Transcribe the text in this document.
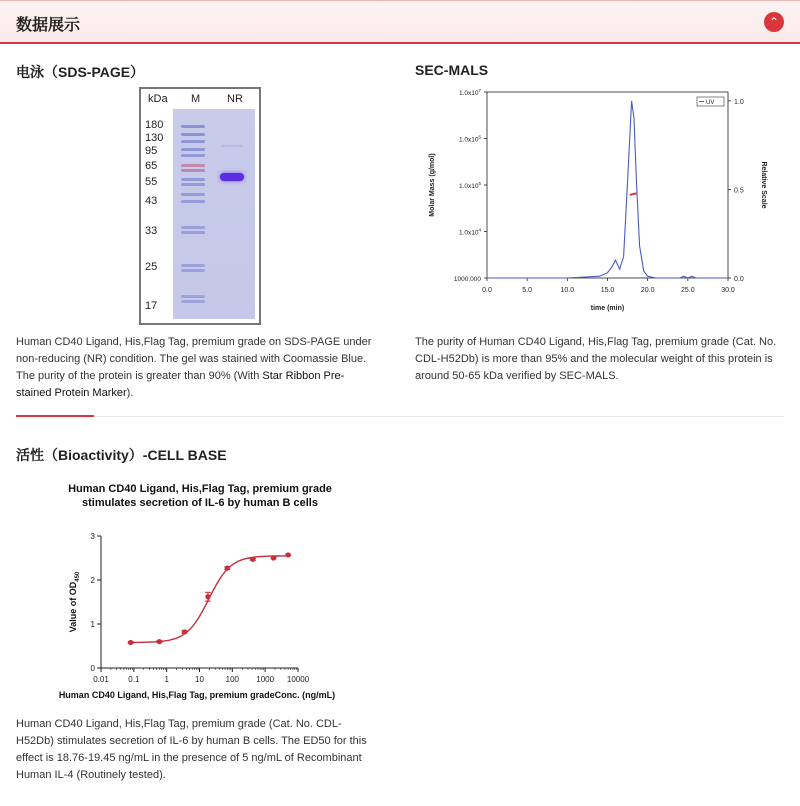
数据展示	⌃
电泳（SDS-PAGE）
kDa M NR
180
130
95
65
55
43
33
25
17
Human CD40 Ligand, His,Flag Tag, premium grade on SDS-PAGE under
non-reducing (NR) condition. The gel was stained with Coomassie Blue.
The purity of the protein is greater than 90% (With Star Ribbon Pre-
stained Protein Marker).
SEC-MALS
0.0	5.0	10.0	15.0	20.0	25.0	30.0
1000.000
$1.0x10^4$
$1.0x10^5$
$1.0x10^6$
$1.0x10^7$
0.0
0.5
1.0
time (min)
Molar Mass (g/mol)	Relative Scale
UV
The purity of Human CD40 Ligand, His,Flag Tag, premium grade (Cat. No.
CDL-H52Db) is more than 95% and the molecular weight of this protein is
around 50-65 kDa verified by SEC-MALS.
活性（Bioactivity）-CELL BASE
Human CD40 Ligand, His,Flag Tag, premium grade
stimulates secretion of IL-6 by human B cells
0
1
2
3
0.01 0.1	1	10	100 1000 10000
Human CD40 Ligand, His,Flag Tag, premium gradeConc. (ng/mL)
Value of $OD_{450}$
Human CD40 Ligand, His,Flag Tag, premium grade (Cat. No. CDL-
H52Db) stimulates secretion of IL-6 by human B cells. The ED50 for this
effect is 18.76-19.45 ng/mL in the presence of 5 ng/mL of Recombinant
Human IL-4 (Routinely tested).
